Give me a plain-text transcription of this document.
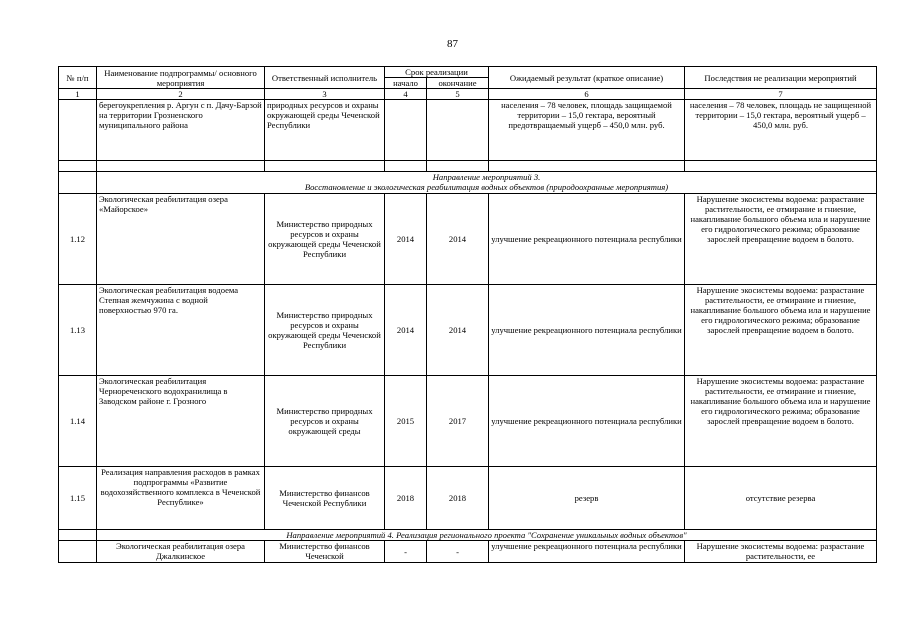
87
№ п/п	Наименование подпрограммы/ основного мероприятия	Ответственный исполнитель	Срок реализации		Ожидаемый результат (краткое описание)	Последствия не реализации мероприятий
			начало	окончание		
1	2	3	4	5	6	7
	берегоукрепления р. Аргун с п. Дачу-Барзой на территории Грозненского муниципального района	природных ресурсов и охраны окружающей среды Чеченской Республики			населения – 78 человек, площадь защищаемой территории – 15,0 гектара, вероятный предотвращаемый ущерб – 450,0 млн. руб.	населения – 78 человек, площадь не защищенной территории – 15,0 гектара, вероятный ущерб – 450,0 млн. руб.

	Направление мероприятий 3.
Восстановление и экологическая реабилитация водных объектов (природоохранные мероприятия)					

1.12	Экологическая реабилитация озера «Майорское»	Министерство природных ресурсов и охраны окружающей среды Чеченской Республики	2014	2014	улучшение рекреационного потенциала республики	Нарушение экосистемы водоема: разрастание растительности, ее отмирание и гниение, накапливание большого объема ила и нарушение его гидрологического режима; образование зарослей превращение водоем в болото.
1.13	Экологическая реабилитация водоема Степная жемчужина с водной поверхностью 970 га.	Министерство природных ресурсов и охраны окружающей среды Чеченской Республики	2014	2014	улучшение рекреационного потенциала республики	Нарушение экосистемы водоема: разрастание растительности, ее отмирание и гниение, накапливание большого объема ила и нарушение его гидрологического режима; образование зарослей превращение водоем в болото.
1.14	Экологическая реабилитация Чернореченского водохранилища в Заводском районе г. Грозного	Министерство природных ресурсов и охраны окружающей среды	2015	2017	улучшение рекреационного потенциала республики	Нарушение экосистемы водоема: разрастание растительности, ее отмирание и гниение, накапливание большого объема ила и нарушение его гидрологического режима; образование зарослей превращение водоем в болото.
1.15	Реализация направления расходов в рамках подпрограммы «Развитие водохозяйственного комплекса в Чеченской Республике»	Министерство финансов Чеченской Республики	2018	2018	резерв	отсутствие резерва
	Направление мероприятий 4. Реализация регионального проекта "Сохранение уникальных водных объектов"					
	Экологическая реабилитация озера Джалкинское	Министерство финансов Чеченской	-	-	улучшение рекреационного потенциала республики	Нарушение экосистемы водоема: разрастание растительности, ее
